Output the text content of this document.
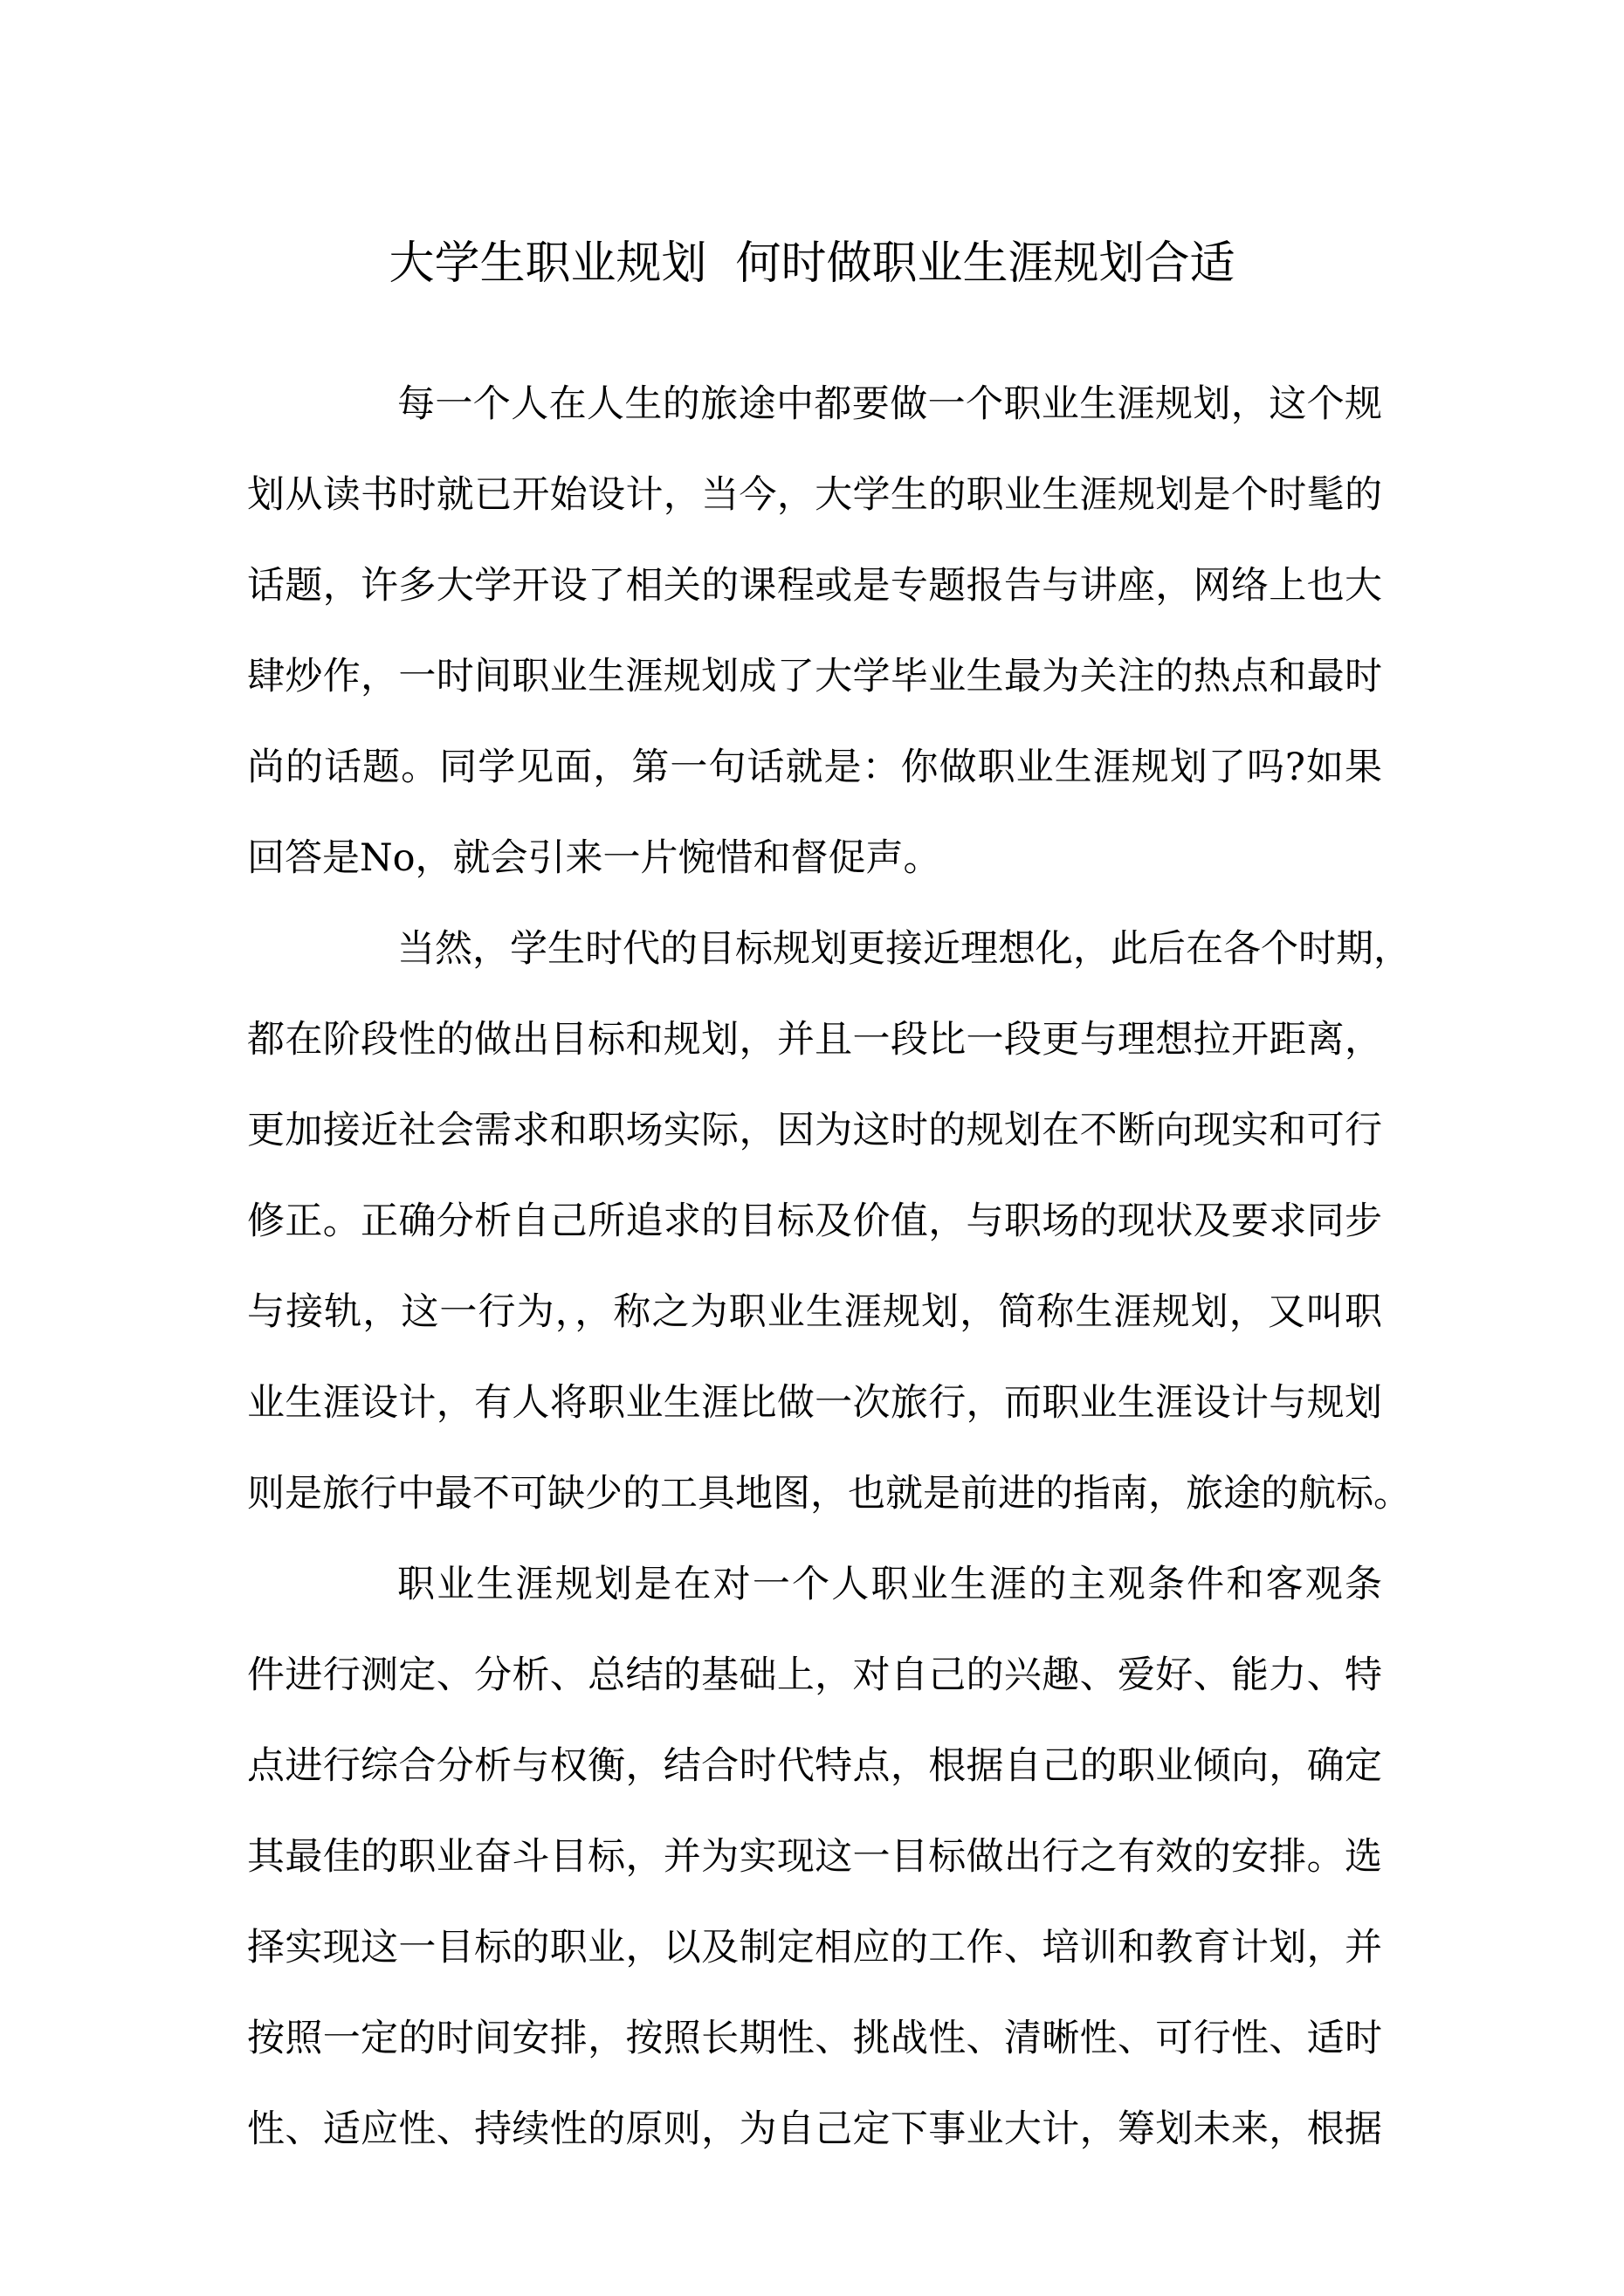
大学生职业规划  何时做职业生涯规划合适
每一个人在人生的旅途中都要做一个职业生涯规划，这个规
划从读书时就已开始设计，当今，大学生的职业生涯规划是个时髦的
话题，许多大学开设了相关的课程或是专题报告与讲座，网络上也大
肆炒作，一时间职业生涯规划成了大学毕业生最为关注的热点和最时
尚的话题。同学见面，第一句话就是：你做职业生涯规划了吗?如果
回答是No，就会引来一片惋惜和督促声。
当然，学生时代的目标规划更接近理想化，此后在各个时期，
都在阶段性的做出目标和规划，并且一段比一段更与理想拉开距离，
更加接近社会需求和职场实际，因为这时的规划在不断向现实和可行
修正。正确分析自己所追求的目标及价值，与职场的现状及要求同步
与接轨，这一行为，，称之为职业生涯规划，简称生涯规划，又叫职
业生涯设计，有人将职业生涯比做一次旅行，而职业生涯设计与规划
则是旅行中最不可缺少的工具地图，也就是前进的指南，旅途的航标。
职业生涯规划是在对一个人职业生涯的主观条件和客观条
件进行测定、分析、总结的基础上，对自己的兴趣、爱好、能力、特
点进行综合分析与权衡，结合时代特点，根据自己的职业倾向，确定
其最佳的职业奋斗目标，并为实现这一目标做出行之有效的安排。选
择实现这一目标的职业，以及制定相应的工作、培训和教育计划，并
按照一定的时间安排，按照长期性、挑战性、清晰性、可行性、适时
性、适应性、持续性的原则，为自己定下事业大计，筹划未来，根据
